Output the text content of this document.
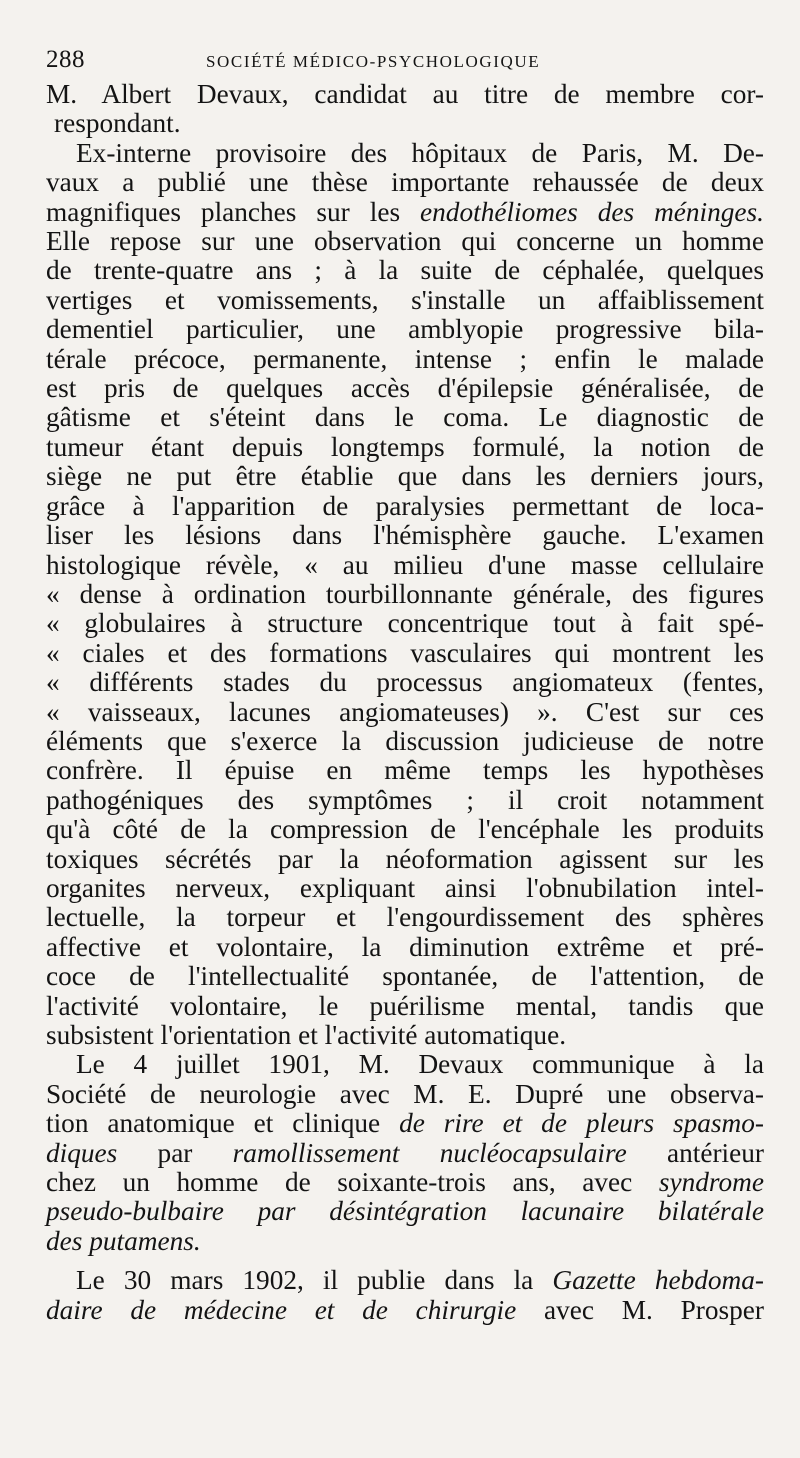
288	SOCIÉTÉ MÉDICO-PSYCHOLOGIQUE
M. Albert Devaux, candidat au titre de membre cor-
respondant.
Ex-interne provisoire des hôpitaux de Paris, M. De-
vaux a publié une thèse importante rehaussée de deux
magnifiques planches sur les endothéliomes des méninges.
Elle repose sur une observation qui concerne un homme
de trente-quatre ans ; à la suite de céphalée, quelques
vertiges et vomissements, s'installe un affaiblissement
dementiel particulier, une amblyopie progressive bila-
térale précoce, permanente, intense ; enfin le malade
est pris de quelques accès d'épilepsie généralisée, de
gâtisme et s'éteint dans le coma. Le diagnostic de
tumeur étant depuis longtemps formulé, la notion de
siège ne put être établie que dans les derniers jours,
grâce à l'apparition de paralysies permettant de loca-
liser les lésions dans l'hémisphère gauche. L'examen
histologique révèle, « au milieu d'une masse cellulaire
« dense à ordination tourbillonnante générale, des figures
« globulaires à structure concentrique tout à fait spé-
« ciales et des formations vasculaires qui montrent les
« différents stades du processus angiomateux (fentes,
« vaisseaux, lacunes angiomateuses) ». C'est sur ces
éléments que s'exerce la discussion judicieuse de notre
confrère. Il épuise en même temps les hypothèses
pathogéniques des symptômes ; il croit notamment
qu'à côté de la compression de l'encéphale les produits
toxiques sécrétés par la néoformation agissent sur les
organites nerveux, expliquant ainsi l'obnubilation intel-
lectuelle, la torpeur et l'engourdissement des sphères
affective et volontaire, la diminution extrême et pré-
coce de l'intellectualité spontanée, de l'attention, de
l'activité volontaire, le puérilisme mental, tandis que
subsistent l'orientation et l'activité automatique.
Le 4 juillet 1901, M. Devaux communique à la
Société de neurologie avec M. E. Dupré une observa-
tion anatomique et clinique de rire et de pleurs spasmo-
diques par ramollissement nucléocapsulaire antérieur
chez un homme de soixante-trois ans, avec syndrome
pseudo-bulbaire par désintégration lacunaire bilatérale
des putamens.
Le 30 mars 1902, il publie dans la Gazette hebdoma-
daire de médecine et de chirurgie avec M. Prosper
